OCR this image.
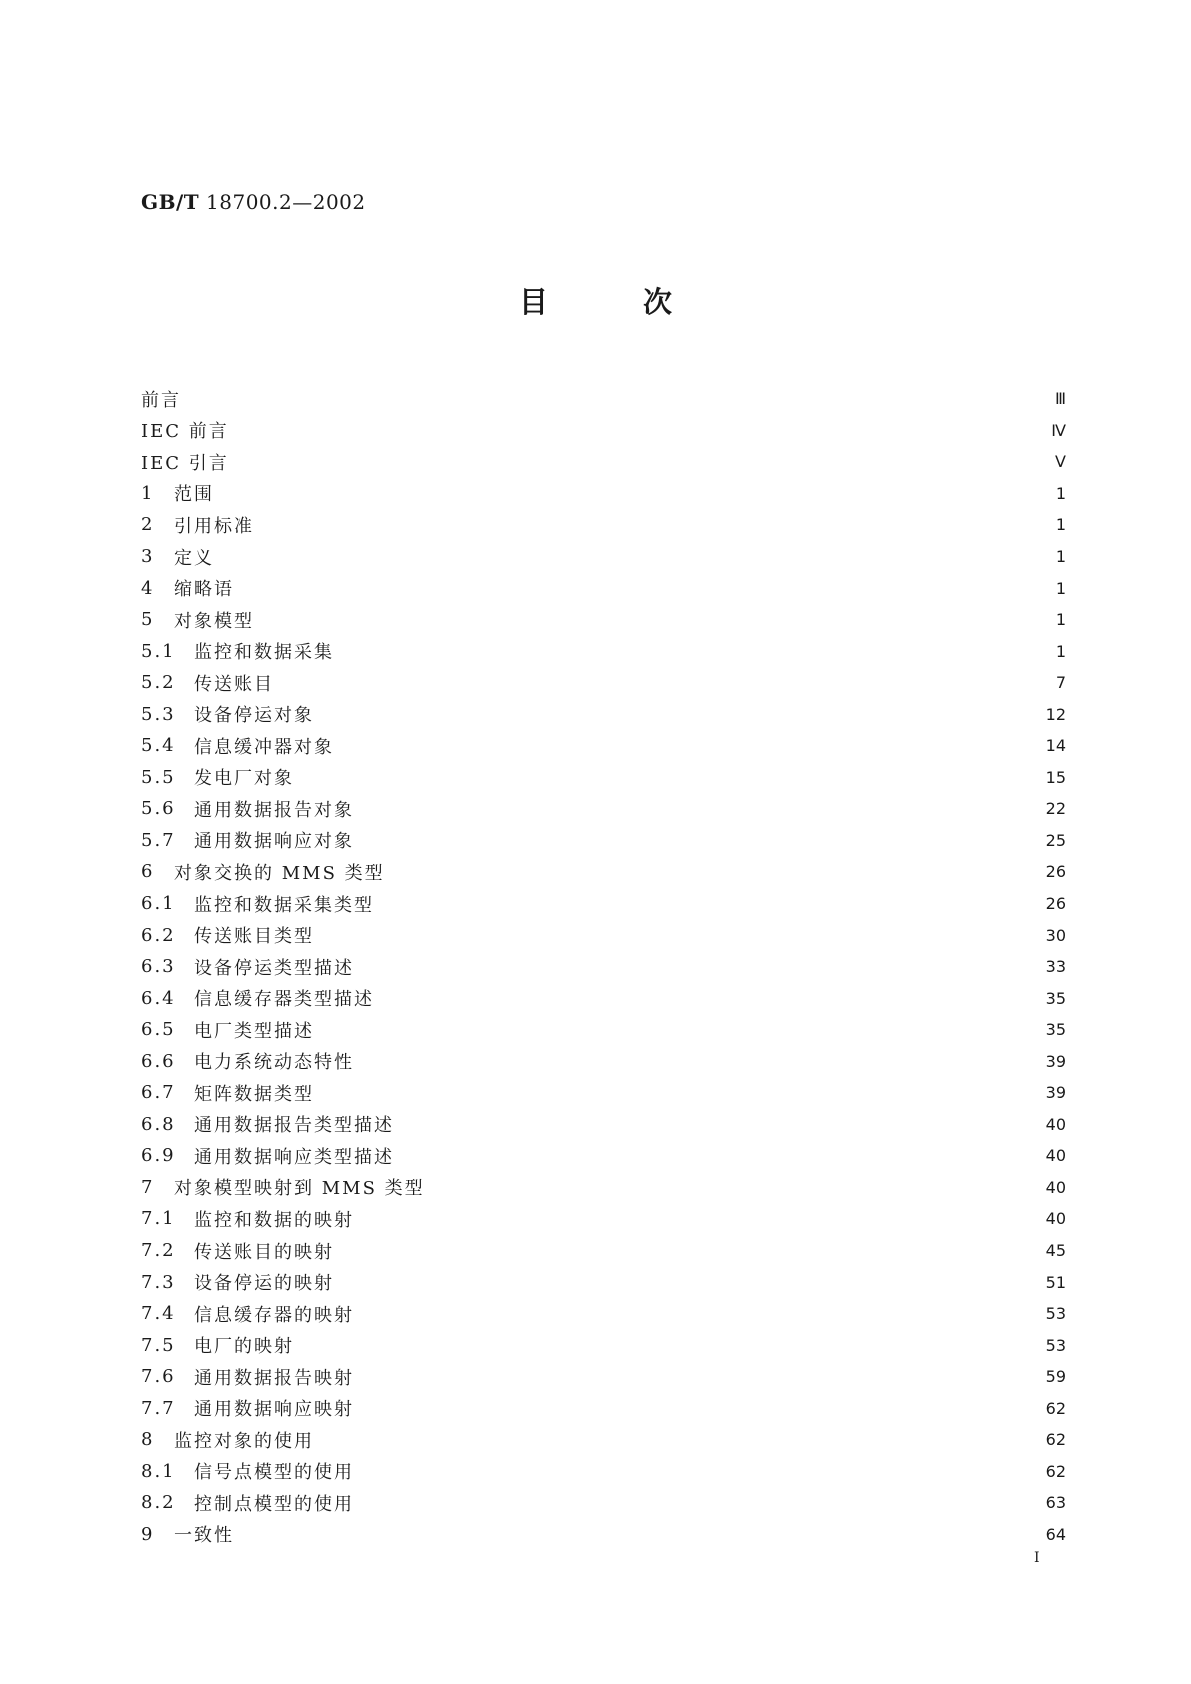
GB/T 18700.2—2002
目次
前言	Ⅲ
IEC 前言	Ⅳ
IEC 引言	Ⅴ
1	范围	1
2	引用标准	1
3	定义	1
4	缩略语	1
5	对象模型	1
5.1	监控和数据采集	1
5.2	传送账目	7
5.3	设备停运对象	12
5.4	信息缓冲器对象	14
5.5	发电厂对象	15
5.6	通用数据报告对象	22
5.7	通用数据响应对象	25
6	对象交换的 MMS 类型	26
6.1	监控和数据采集类型	26
6.2	传送账目类型	30
6.3	设备停运类型描述	33
6.4	信息缓存器类型描述	35
6.5	电厂类型描述	35
6.6	电力系统动态特性	39
6.7	矩阵数据类型	39
6.8	通用数据报告类型描述	40
6.9	通用数据响应类型描述	40
7	对象模型映射到 MMS 类型	40
7.1	监控和数据的映射	40
7.2	传送账目的映射	45
7.3	设备停运的映射	51
7.4	信息缓存器的映射	53
7.5	电厂的映射	53
7.6	通用数据报告映射	59
7.7	通用数据响应映射	62
8	监控对象的使用	62
8.1	信号点模型的使用	62
8.2	控制点模型的使用	63
9	一致性	64
I
